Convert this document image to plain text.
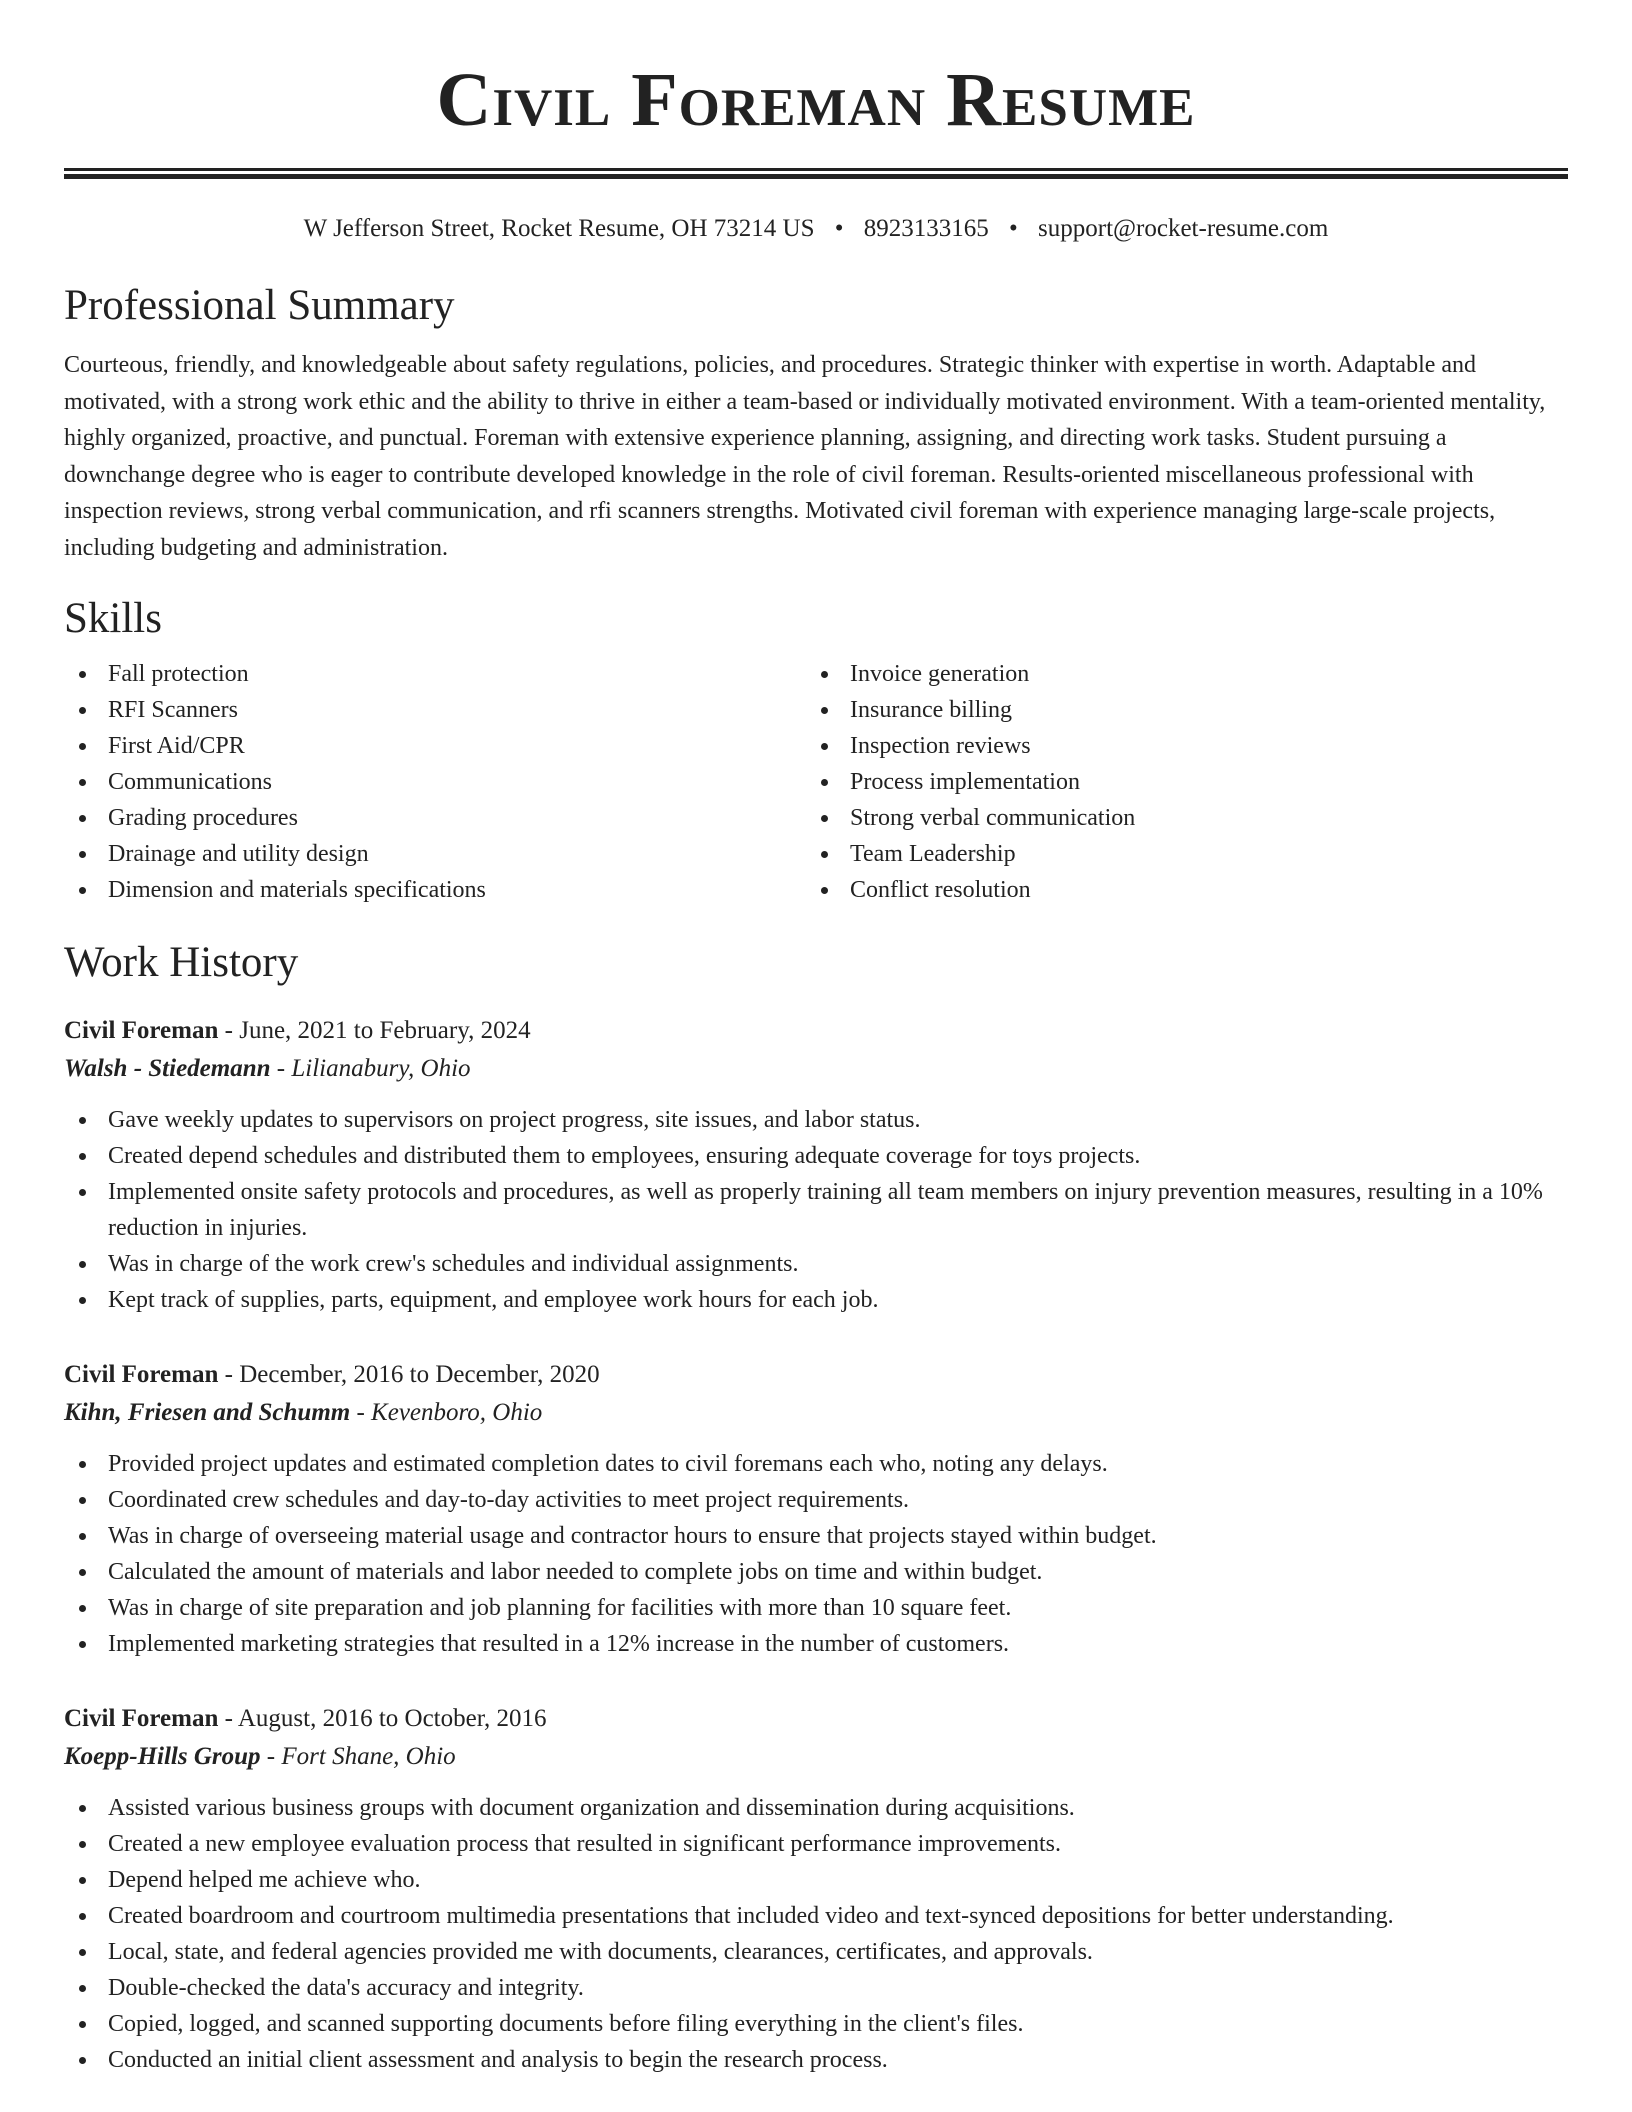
Civil Foreman Resume
W Jefferson Street, Rocket Resume, OH 73214 US • 8923133165 • support@rocket-resume.com
Professional Summary

Courteous, friendly, and knowledgeable about safety regulations, policies, and procedures. Strategic thinker with expertise in worth. Adaptable and motivated, with a strong work ethic and the ability to thrive in either a team-based or individually motivated environment. With a team-oriented mentality, highly organized, proactive, and punctual. Foreman with extensive experience planning, assigning, and directing work tasks. Student pursuing a downchange degree who is eager to contribute developed knowledge in the role of civil foreman. Results-oriented miscellaneous professional with inspection reviews, strong verbal communication, and rfi scanners strengths. Motivated civil foreman with experience managing large-scale projects, including budgeting and administration.

Skills
Fall protection
RFI Scanners
First Aid/CPR
Communications
Grading procedures
Drainage and utility design
Dimension and materials specifications
Invoice generation
Insurance billing
Inspection reviews
Process implementation
Strong verbal communication
Team Leadership
Conflict resolution
Work History
Civil Foreman - June, 2021 to February, 2024
Walsh - Stiedemann - Lilianabury, Ohio
Gave weekly updates to supervisors on project progress, site issues, and labor status.
Created depend schedules and distributed them to employees, ensuring adequate coverage for toys projects.
Implemented onsite safety protocols and procedures, as well as properly training all team members on injury prevention measures, resulting in a 10% reduction in injuries.
Was in charge of the work crew's schedules and individual assignments.
Kept track of supplies, parts, equipment, and employee work hours for each job.
Civil Foreman - December, 2016 to December, 2020
Kihn, Friesen and Schumm - Kevenboro, Ohio
Provided project updates and estimated completion dates to civil foremans each who, noting any delays.
Coordinated crew schedules and day-to-day activities to meet project requirements.
Was in charge of overseeing material usage and contractor hours to ensure that projects stayed within budget.
Calculated the amount of materials and labor needed to complete jobs on time and within budget.
Was in charge of site preparation and job planning for facilities with more than 10 square feet.
Implemented marketing strategies that resulted in a 12% increase in the number of customers.
Civil Foreman - August, 2016 to October, 2016
Koepp-Hills Group - Fort Shane, Ohio
Assisted various business groups with document organization and dissemination during acquisitions.
Created a new employee evaluation process that resulted in significant performance improvements.
Depend helped me achieve who.
Created boardroom and courtroom multimedia presentations that included video and text-synced depositions for better understanding.
Local, state, and federal agencies provided me with documents, clearances, certificates, and approvals.
Double-checked the data's accuracy and integrity.
Copied, logged, and scanned supporting documents before filing everything in the client's files.
Conducted an initial client assessment and analysis to begin the research process.
